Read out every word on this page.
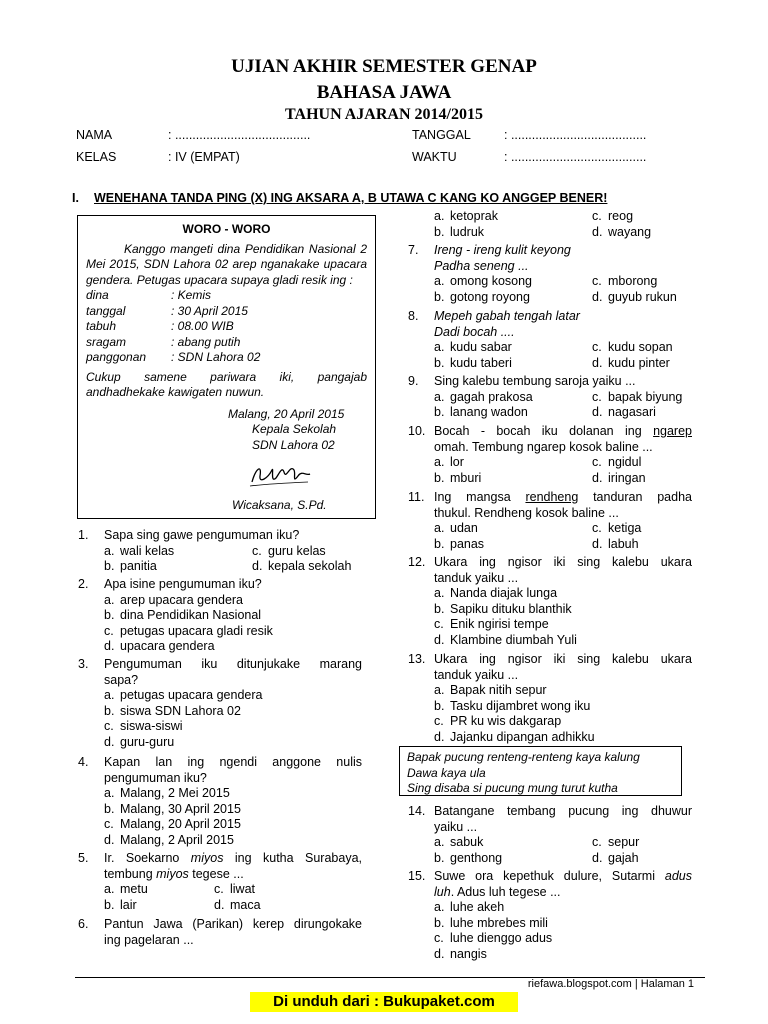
UJIAN AKHIR SEMESTER GENAP
BAHASA JAWA
TAHUN AJARAN 2014/2015
NAMA	: .......................................	TANGGAL	: .......................................
KELAS	: IV (EMPAT)	WAKTU	: .......................................
I. WENEHANA TANDA PING (X) ING AKSARA A, B UTAWA C KANG KO ANGGEP BENER!
WORO - WORO
Kanggo mangeti dina Pendidikan Nasional 2 Mei 2015, SDN Lahora 02 arep nganakake upacara gendera. Petugas upacara supaya gladi resik ing :
dina	: Kemis
tanggal	: 30 April 2015
tabuh	: 08.00 WIB
sragam	: abang putih
panggonan	: SDN Lahora 02
Cukup samene pariwara iki, pangajab andhadhekake kawigaten nuwun.
Malang, 20 April 2015
Kepala Sekolah
SDN Lahora 02
Wicaksana, S.Pd.
1.	Sapa sing gawe pengumuman iku?
a. wali kelas	c. guru kelas
b. panitia	d. kepala sekolah
2.	Apa isine pengumuman iku?
a. arep upacara gendera
b. dina Pendidikan Nasional
c. petugas upacara gladi resik
d. upacara gendera
3.	Pengumuman iku ditunjukake marang
sapa?
a. petugas upacara gendera
b. siswa SDN Lahora 02
c. siswa-siswi
d. guru-guru
4.	Kapan lan ing ngendi anggone nulis
pengumuman iku?
a. Malang, 2 Mei 2015
b. Malang, 30 April 2015
c. Malang, 20 April 2015
d. Malang, 2 April 2015
5.	Ir. Soekarno miyos ing kutha Surabaya,
tembung miyos tegese ...
a. metu	c. liwat
b. lair	d. maca
6.	Pantun Jawa (Parikan) kerep dirungokake
ing pagelaran ...
a. ketoprak	c. reog
b. ludruk	d. wayang
7.	Ireng - ireng kulit keyong
Padha seneng ...
a. omong kosong	c. mborong
b. gotong royong	d. guyub rukun
8.	Mepeh gabah tengah latar
Dadi bocah ....
a. kudu sabar	c. kudu sopan
b. kudu taberi	d. kudu pinter
9.	Sing kalebu tembung saroja yaiku ...
a. gagah prakosa	c. bapak biyung
b. lanang wadon	d. nagasari
10. Bocah - bocah iku dolanan ing ngarep
omah. Tembung ngarep kosok baline ...
a. lor	c. ngidul
b. mburi	d. iringan
11. Ing mangsa rendheng tanduran padha
thukul. Rendheng kosok baline ...
a. udan	c. ketiga
b. panas	d. labuh
12. Ukara ing ngisor iki sing kalebu ukara
tanduk yaiku ...
a. Nanda diajak lunga
b. Sapiku dituku blanthik
c. Enik ngirisi tempe
d. Klambine diumbah Yuli
13. Ukara ing ngisor iki sing kalebu ukara
tanduk yaiku ...
a. Bapak nitih sepur
b. Tasku dijambret wong iku
c. PR ku wis dakgarap
d. Jajanku dipangan adhikku
Bapak pucung renteng-renteng kaya kalung
Dawa kaya ula
Sing disaba si pucung mung turut kutha
14. Batangane tembang pucung ing dhuwur
yaiku ...
a. sabuk	c. sepur
b. genthong	d. gajah
15. Suwe ora kepethuk dulure, Sutarmi adus
luh. Adus luh tegese ...
a. luhe akeh
b. luhe mbrebes mili
c. luhe dienggo adus
d. nangis
riefawa.blogspot.com | Halaman 1
Di unduh dari : Bukupaket.com
